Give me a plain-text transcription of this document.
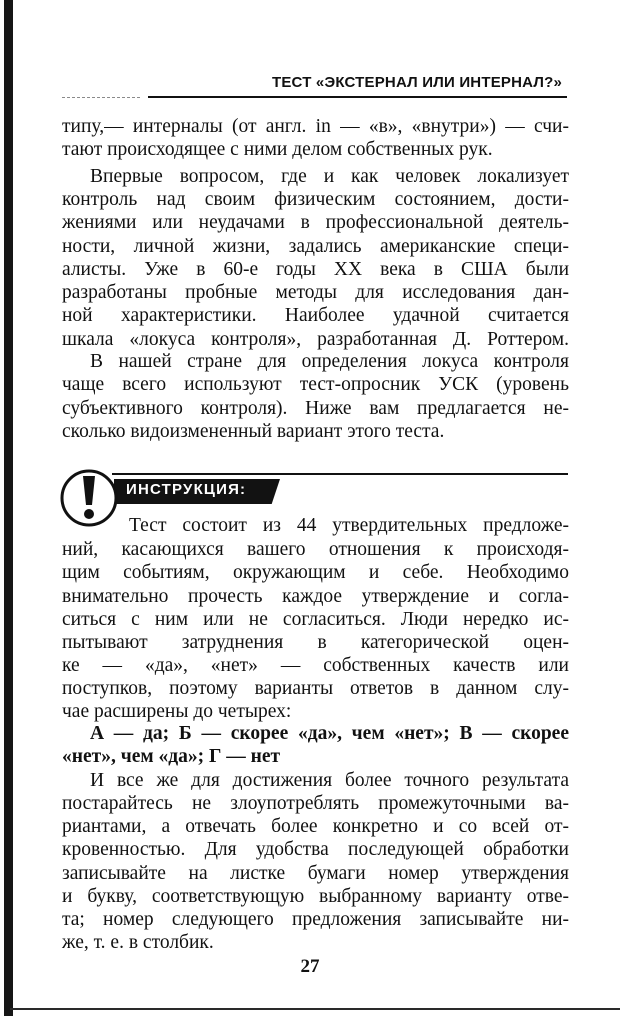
ТЕСТ «ЭКСТЕРНАЛ ИЛИ ИНТЕРНАЛ?»

типу,— интерналы (от англ. in — «в», «внутри») — счи-

тают происходящее с ними делом собственных рук.

Впервые вопросом, где и как человек локализует

контроль над своим физическим состоянием, дости-

жениями или неудачами в профессиональной деятель-

ности, личной жизни, задались американские специ-

алисты. Уже в 60-е годы XX века в США были

разработаны пробные методы для исследования дан-

ной характеристики. Наиболее удачной считается

шкала «локуса контроля», разработанная Д. Роттером.

В нашей стране для определения локуса контроля

чаще всего используют тест-опросник УСК (уровень

субъективного контроля). Ниже вам предлагается не-

сколько видоизмененный вариант этого теста.

ИНСТРУКЦИЯ:

Тест состоит из 44 утвердительных предложе-

ний, касающихся вашего отношения к происходя-

щим событиям, окружающим и себе. Необходимо

внимательно прочесть каждое утверждение и согла-

ситься с ним или не согласиться. Люди нередко ис-

пытывают затруднения в категорической оцен-

ке — «да», «нет» — собственных качеств или

поступков, поэтому варианты ответов в данном слу-

чае расширены до четырех:

А — да; Б — скорее «да», чем «нет»; В — скорее

«нет», чем «да»; Г — нет

И все же для достижения более точного результата

постарайтесь не злоупотреблять промежуточными ва-

риантами, а отвечать более конкретно и со всей от-

кровенностью. Для удобства последующей обработки

записывайте на листке бумаги номер утверждения

и букву, соответствующую выбранному варианту отве-

та; номер следующего предложения записывайте ни-

же, т. е. в столбик.

27
